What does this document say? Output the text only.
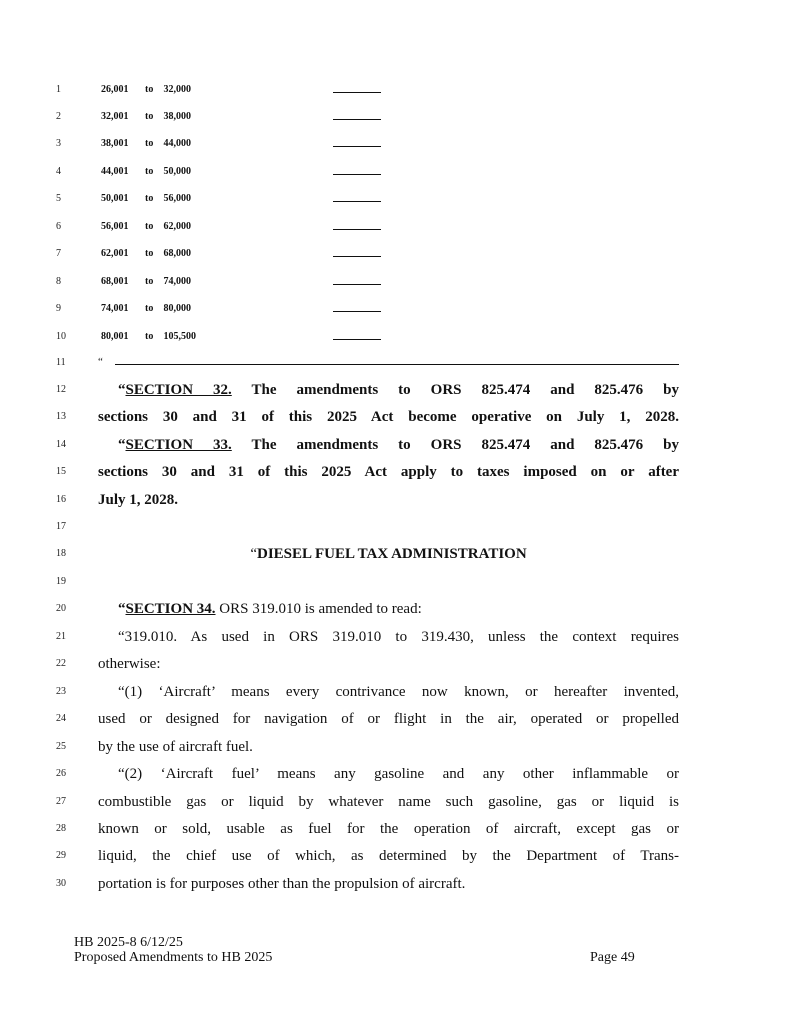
1	26,001 to 32,000
2	32,001 to 38,000
3	38,001 to 44,000
4	44,001 to 50,000
5	50,001 to 56,000
6	56,001 to 62,000
7	62,001 to 68,000
8	68,001 to 74,000
9	74,001 to 80,000
10	80,001 to 105,500
11	“
12	“SECTION 32. The amendments to ORS 825.474 and 825.476 by
13	sections 30 and 31 of this 2025 Act become operative on July 1, 2028.
14	“SECTION 33. The amendments to ORS 825.474 and 825.476 by
15	sections 30 and 31 of this 2025 Act apply to taxes imposed on or after
16	July 1, 2028.
17
18	“DIESEL FUEL TAX ADMINISTRATION
19
20	“SECTION 34. ORS 319.010 is amended to read:
21	“319.010. As used in ORS 319.010 to 319.430, unless the context requires
22	otherwise:
23	“(1) ‘Aircraft’ means every contrivance now known, or hereafter invented,
24	used or designed for navigation of or flight in the air, operated or propelled
25	by the use of aircraft fuel.
26	“(2) ‘Aircraft fuel’ means any gasoline and any other inflammable or
27	combustible gas or liquid by whatever name such gasoline, gas or liquid is
28	known or sold, usable as fuel for the operation of aircraft, except gas or
29	liquid, the chief use of which, as determined by the Department of Trans-
30	portation is for purposes other than the propulsion of aircraft.
HB 2025-8 6/12/25
Proposed Amendments to HB 2025	Page 49
